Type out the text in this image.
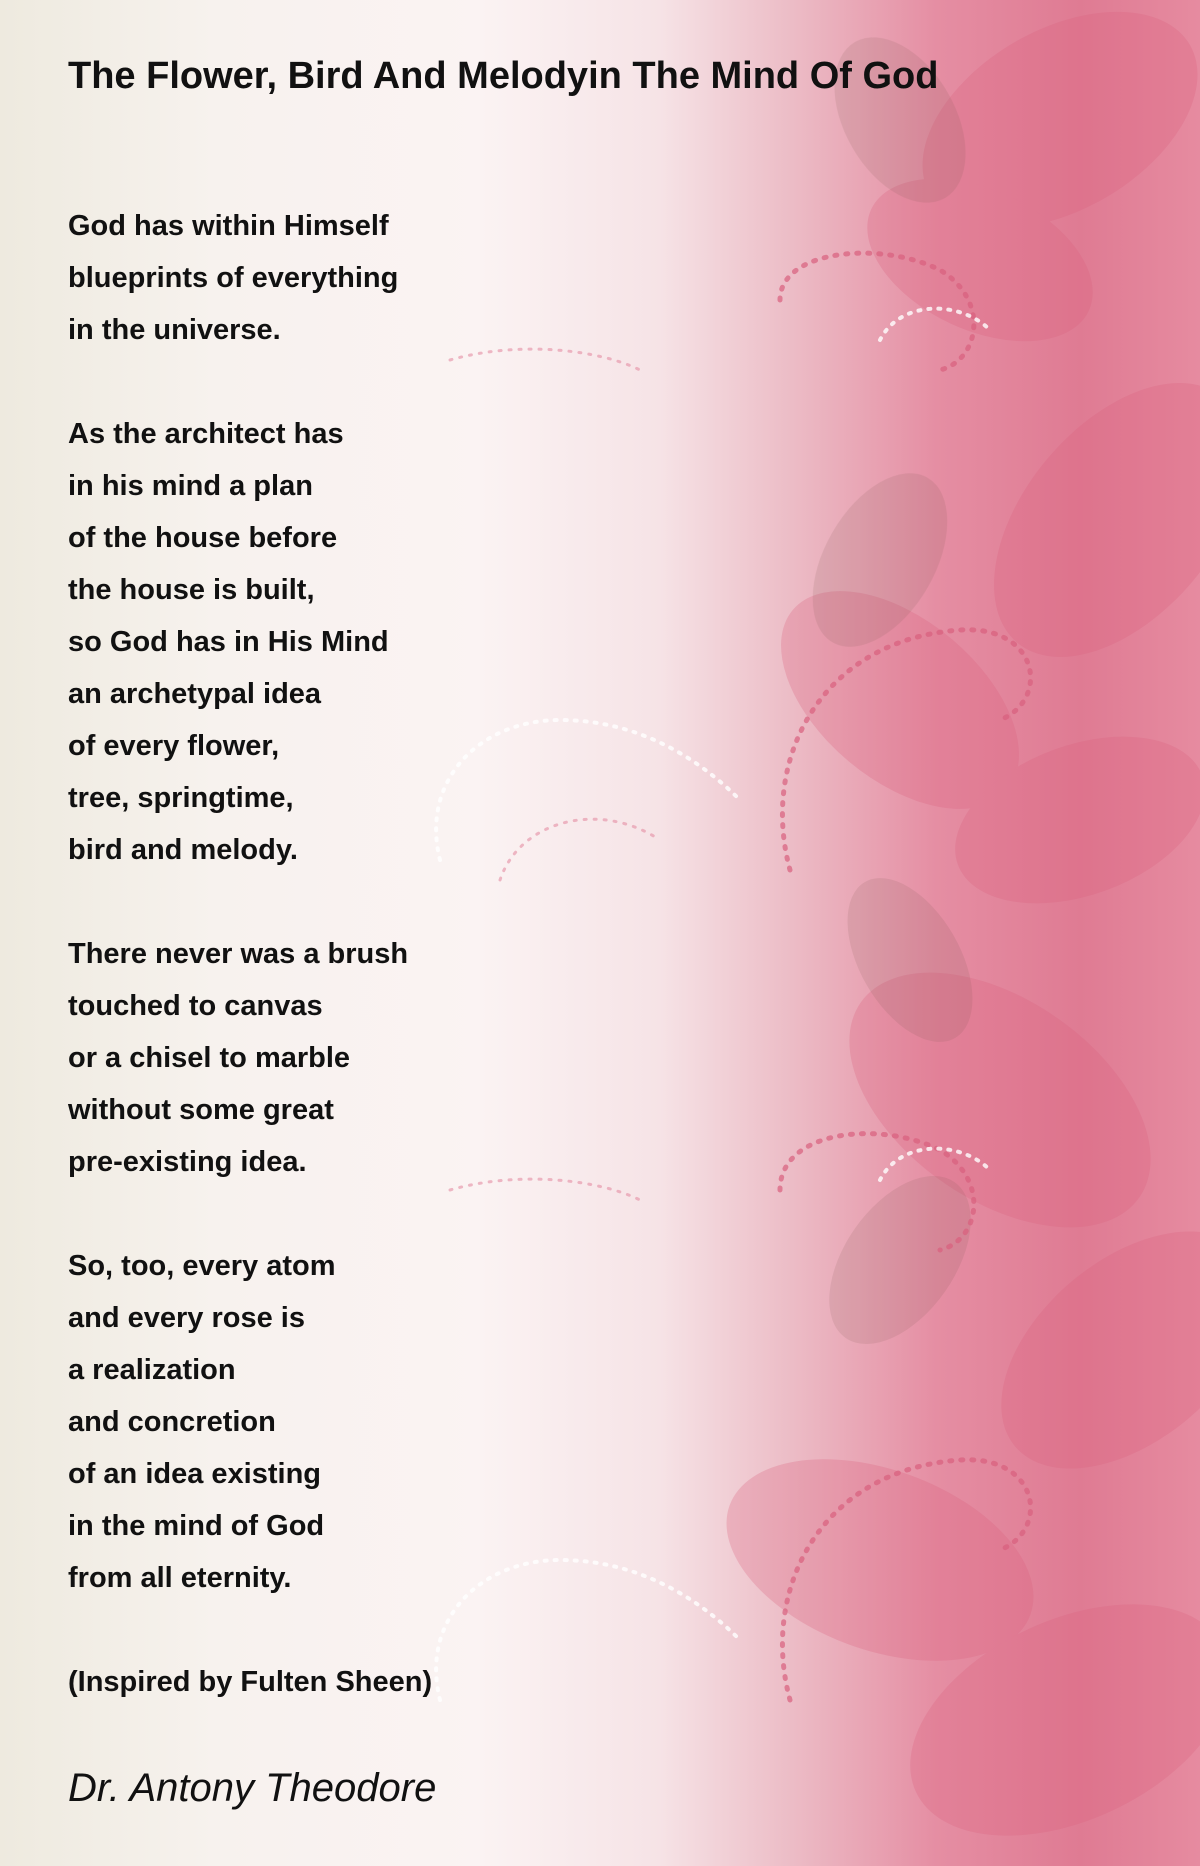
The Flower, Bird And Melodyin The Mind Of God
God has within Himself
blueprints of everything
in the universe.
As the architect has
in his mind a plan
of the house before
the house is built,
so God has in His Mind
an archetypal idea
of every flower,
tree, springtime,
bird and melody.
There never was a brush
touched to canvas
or a chisel to marble
without some great
pre-existing idea.
So, too, every atom
and every rose is
a realization
and concretion
of an idea existing
in the mind of God
from all eternity.
(Inspired by Fulten Sheen)
Dr. Antony Theodore
